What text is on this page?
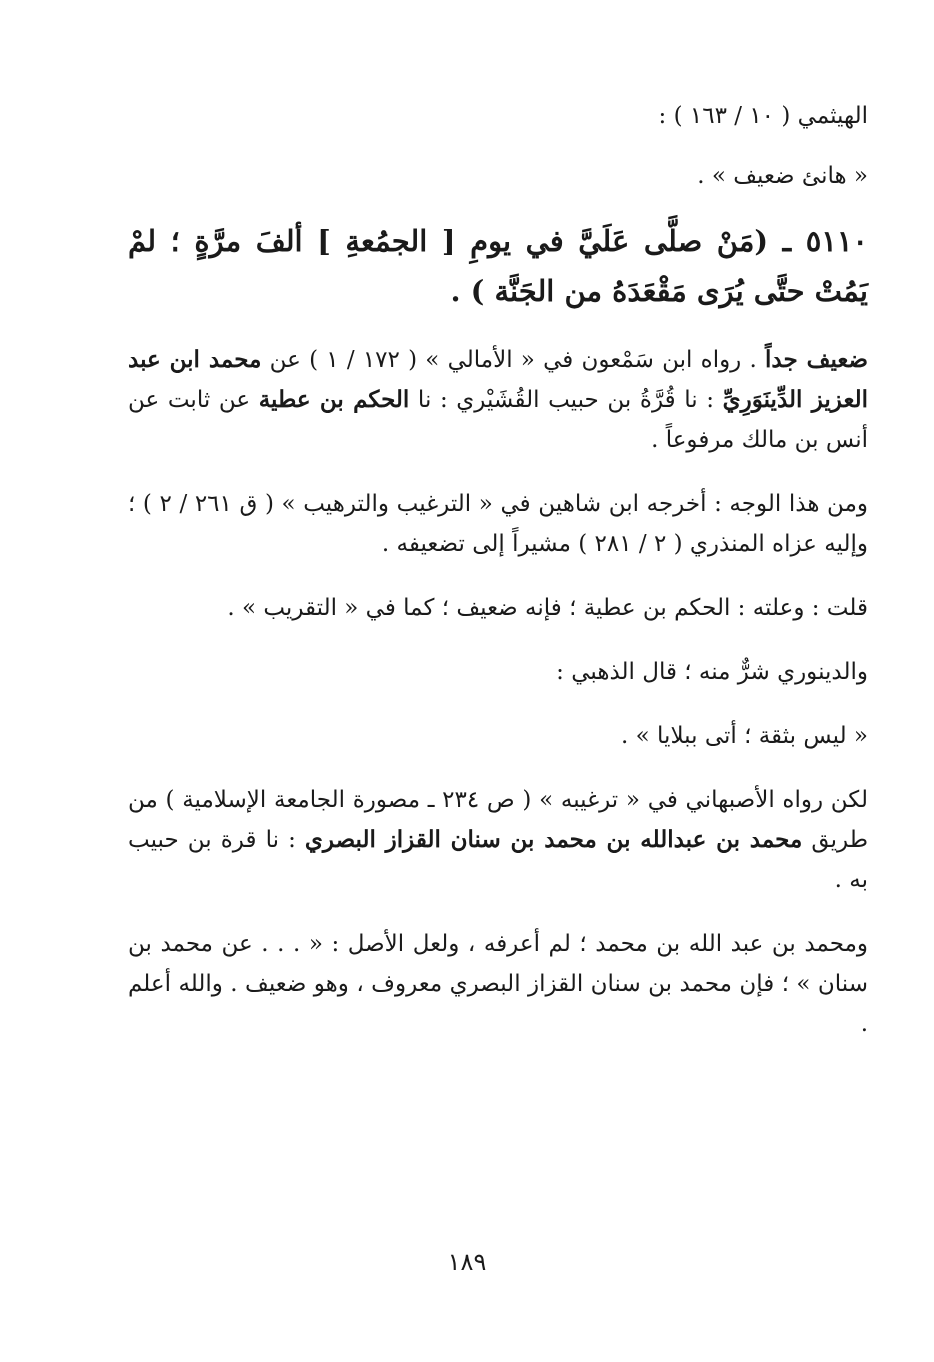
الهيثمي ( ١٠ / ١٦٣ ) :

« هانئ ضعيف » .

٥١١٠ ـ (مَنْ صلَّى عَلَيَّ في يومِ [ الجمُعةِ ] ألفَ مرَّةٍ ؛ لمْ يَمُتْ حتَّى يُرَى مَقْعَدَهُ من الجَنَّة ) .

ضعيف جداً . رواه ابن سَمْعون في « الأمالي » ( ١٧٢ / ١ ) عن محمد ابن عبد العزيز الدِّينَوَرِيِّ : نا قُرَّةُ بن حبيب القُشَيْري : نا الحكم بن عطية عن ثابت عن أنس بن مالك مرفوعاً .

ومن هذا الوجه : أخرجه ابن شاهين في « الترغيب والترهيب » ( ق ٢٦١ / ٢ ) ؛ وإليه عزاه المنذري ( ٢ / ٢٨١ ) مشيراً إلى تضعيفه .

قلت : وعلته : الحكم بن عطية ؛ فإنه ضعيف ؛ كما في « التقريب » .

والدينوري شرٌّ منه ؛ قال الذهبي :

« ليس بثقة ؛ أتى ببلايا » .

لكن رواه الأصبهاني في « ترغيبه » ( ص ٢٣٤ ـ مصورة الجامعة الإسلامية ) من طريق محمد بن عبدالله بن محمد بن سنان القزاز البصري : نا قرة بن حبيب به .

ومحمد بن عبد الله بن محمد ؛ لم أعرفه ، ولعل الأصل : « . . . عن محمد بن سنان » ؛ فإن محمد بن سنان القزاز البصري معروف ، وهو ضعيف . والله أعلم .

١٨٩
